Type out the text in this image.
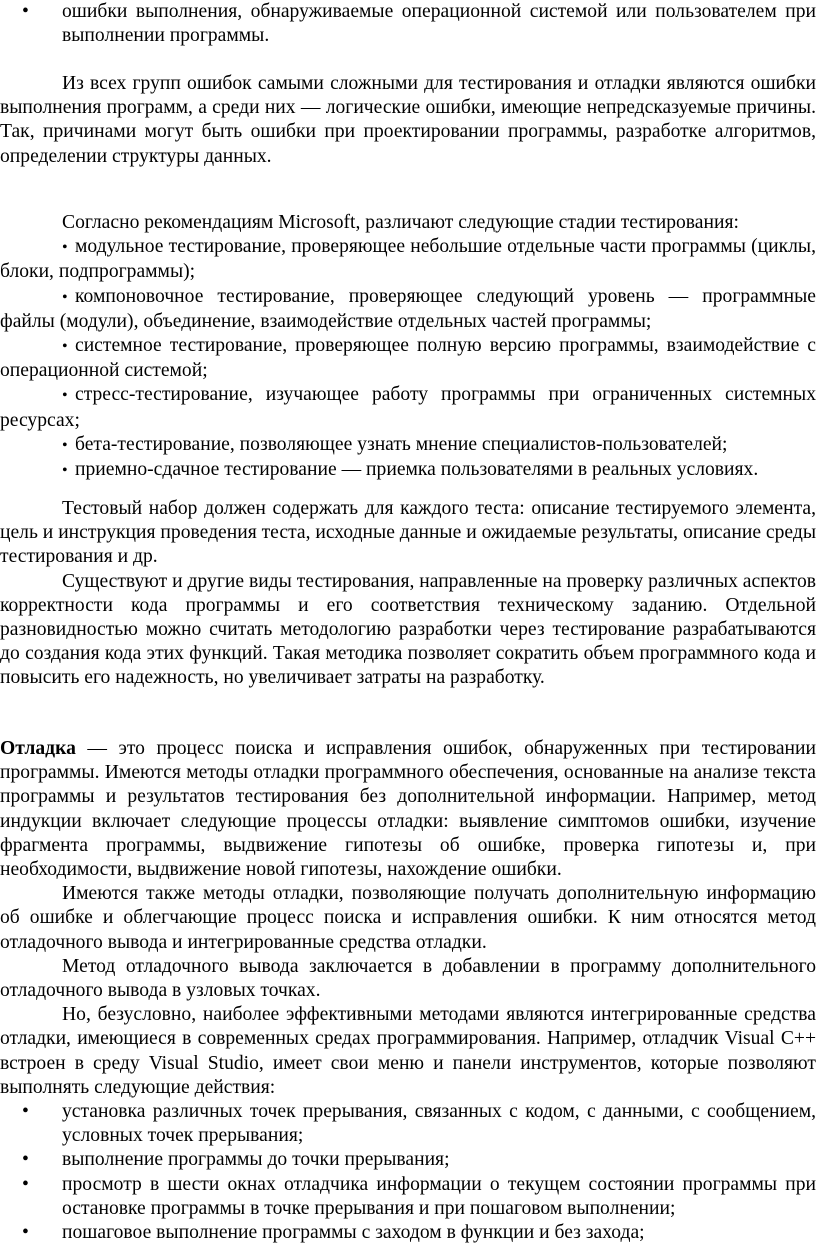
• ошибки выполнения, обнаруживаемые операционной системой или пользователем при выполнении программы.

Из всех групп ошибок самыми сложными для тестирования и отладки являются ошибки выполнения программ, а среди них — логические ошибки, имеющие непредсказуемые причины. Так, причинами могут быть ошибки при проектировании программы, разработке алгоритмов, определении структуры данных.

Согласно рекомендациям Microsoft, различают следующие стадии тестирования:

• модульное тестирование, проверяющее небольшие отдельные части программы (циклы, блоки, подпрограммы);
• компоновочное тестирование, проверяющее следующий уровень — программные файлы (модули), объединение, взаимодействие отдельных частей программы;
• системное тестирование, проверяющее полную версию программы, взаимодействие с операционной системой;
• стресс-тестирование, изучающее работу программы при ограниченных системных ресурсах;
• бета-тестирование, позволяющее узнать мнение специалистов-пользователей;
• приемно-сдачное тестирование — приемка пользователями в реальных условиях.

Тестовый набор должен содержать для каждого теста: описание тестируемого элемента, цель и инструкция проведения теста, исходные данные и ожидаемые результаты, описание среды тестирования и др.

Существуют и другие виды тестирования, направленные на проверку различных аспектов корректности кода программы и его соответствия техническому заданию. Отдельной разновидностью можно считать методологию разработки через тестирование разрабатываются до создания кода этих функций. Такая методика позволяет сократить объем программного кода и повысить его надежность, но увеличивает затраты на разработку.

Отладка — это процесс поиска и исправления ошибок, обнаруженных при тестировании программы. Имеются методы отладки программного обеспечения, основанные на анализе текста программы и результатов тестирования без дополнительной информации. Например, метод индукции включает следующие процессы отладки: выявление симптомов ошибки, изучение фрагмента программы, выдвижение гипотезы об ошибке, проверка гипотезы и, при необходимости, выдвижение новой гипотезы, нахождение ошибки.

Имеются также методы отладки, позволяющие получать дополнительную информацию об ошибке и облегчающие процесс поиска и исправления ошибки. К ним относятся метод отладочного вывода и интегрированные средства отладки.

Метод отладочного вывода заключается в добавлении в программу дополнительного отладочного вывода в узловых точках.

Но, безусловно, наиболее эффективными методами являются интегрированные средства отладки, имеющиеся в современных средах программирования. Например, отладчик Visual C++ встроен в среду Visual Studio, имеет свои меню и панели инструментов, которые позволяют выполнять следующие действия:

• установка различных точек прерывания, связанных с кодом, с данными, с сообщением, условных точек прерывания;
• выполнение программы до точки прерывания;
• просмотр в шести окнах отладчика информации о текущем состоянии программы при остановке программы в точке прерывания и при пошаговом выполнении;
• пошаговое выполнение программы с заходом в функции и без захода;
